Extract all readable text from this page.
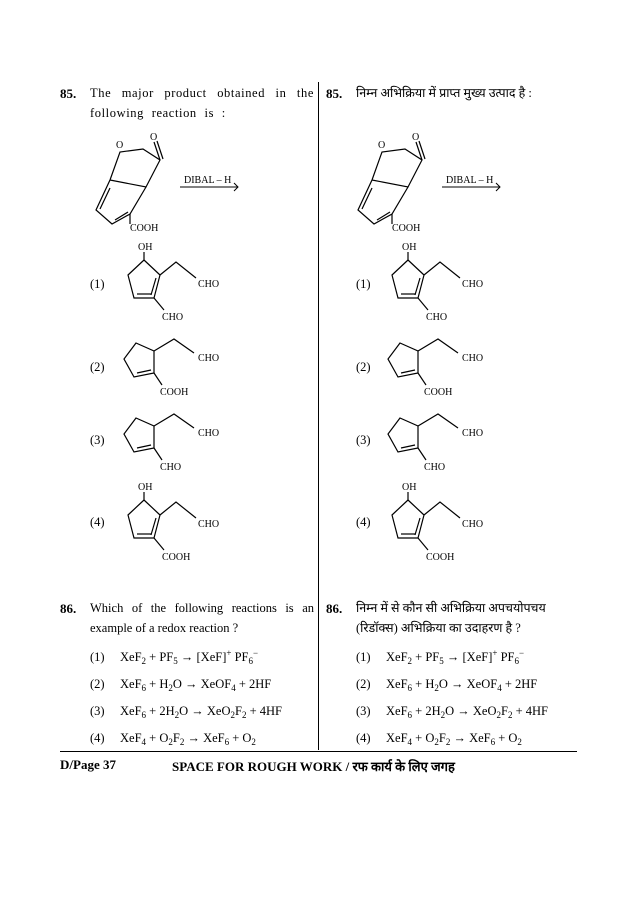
85. The major product obtained in the following reaction is :
O
O
COOH
DIBAL – H
(1)
OH
CHO
CHO
(2)
CHO
COOH
(3)	CHO
CHO
(4)
OH
CHO
COOH
86. Which of the following reactions is an example of a redox reaction ?
(1) $XeF_2 + PF_5 \to [XeF]^+$ $PF_6^-$
(2) $XeF_6 + H_2O$ → XeOF$_4$ + 2HF
(3) $XeF_6 + 2H_2O \to XeO_2F_2 + 4HF$
(4) $XeF_4 + O_2F_2 \to XeF_6 + O_2$
85. निम्न अभिक्रिया में प्राप्त मुख्य उत्पाद है :
O
O
COOH
DIBAL – H
(1)
OH
CHO
CHO
(2)
CHO
COOH
(3)	CHO
CHO
(4)
OH
CHO
COOH
86. निम्न में से कौन सी अभिक्रिया अपचयोपचय (रिडॉक्स) अभिक्रिया का उदाहरण है ?
(1) $XeF_2 + PF_5 \to [XeF]^+$ $PF_6^-$
(2) $XeF_6 + H_2O$ → XeOF$_4$ + 2HF
(3) $XeF_6 + 2H_2O \to XeO_2F_2 + 4HF$
(4) $XeF_4 + O_2F_2 \to XeF_6 + O_2$
D/Page 37	SPACE FOR ROUGH WORK / रफ कार्य के लिए जगह
